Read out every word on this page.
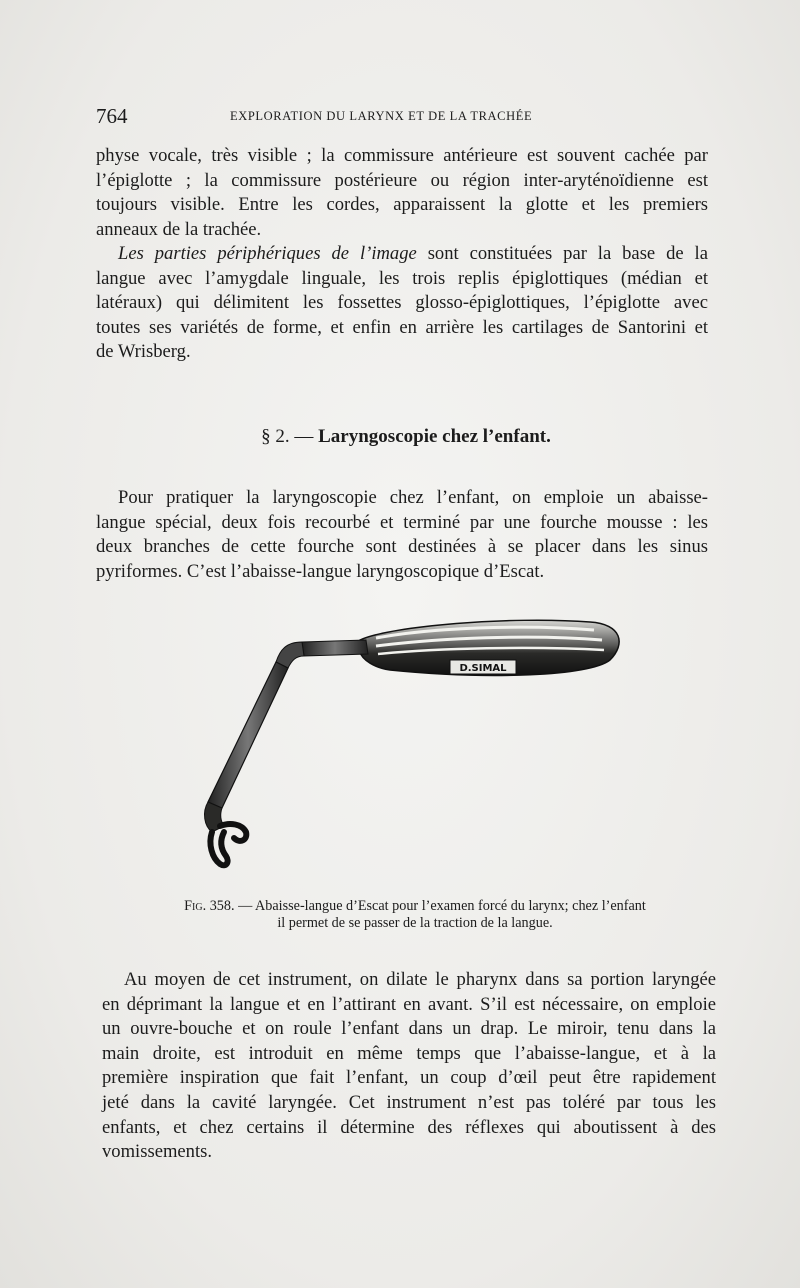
764	EXPLORATION DU LARYNX ET DE LA TRACHÉE

physe vocale, très visible ; la commissure antérieure est souvent cachée par
l’épiglotte ; la commissure postérieure ou région inter-aryténoïdienne est
toujours visible. Entre les cordes, apparaissent la glotte et les premiers
anneaux de la trachée.

Les parties périphériques de l’image sont constituées par la base de la
langue avec l’amygdale linguale, les trois replis épiglottiques (médian et
latéraux) qui délimitent les fossettes glosso-épiglottiques, l’épiglotte avec
toutes ses variétés de forme, et enfin en arrière les cartilages de Santorini et
de Wrisberg.

§ 2. — Laryngoscopie chez l’enfant.

Pour pratiquer la laryngoscopie chez l’enfant, on emploie un abaisse-
langue spécial, deux fois recourbé et terminé par une fourche mousse : les
deux branches de cette fourche sont destinées à se placer dans les sinus
pyriformes. C’est l’abaisse-langue laryngoscopique d’Escat.

D.SIMAL

Fig. 358. — Abaisse-langue d’Escat pour l’examen forcé du larynx; chez l’enfant
il permet de se passer de la traction de la langue.

Au moyen de cet instrument, on dilate le pharynx dans sa portion laryngée
en déprimant la langue et en l’attirant en avant. S’il est nécessaire, on emploie
un ouvre-bouche et on roule l’enfant dans un drap. Le miroir, tenu dans la
main droite, est introduit en même temps que l’abaisse-langue, et à la
première inspiration que fait l’enfant, un coup d’œil peut être rapidement
jeté dans la cavité laryngée. Cet instrument n’est pas toléré par tous les
enfants, et chez certains il détermine des réflexes qui aboutissent à des
vomissements.
